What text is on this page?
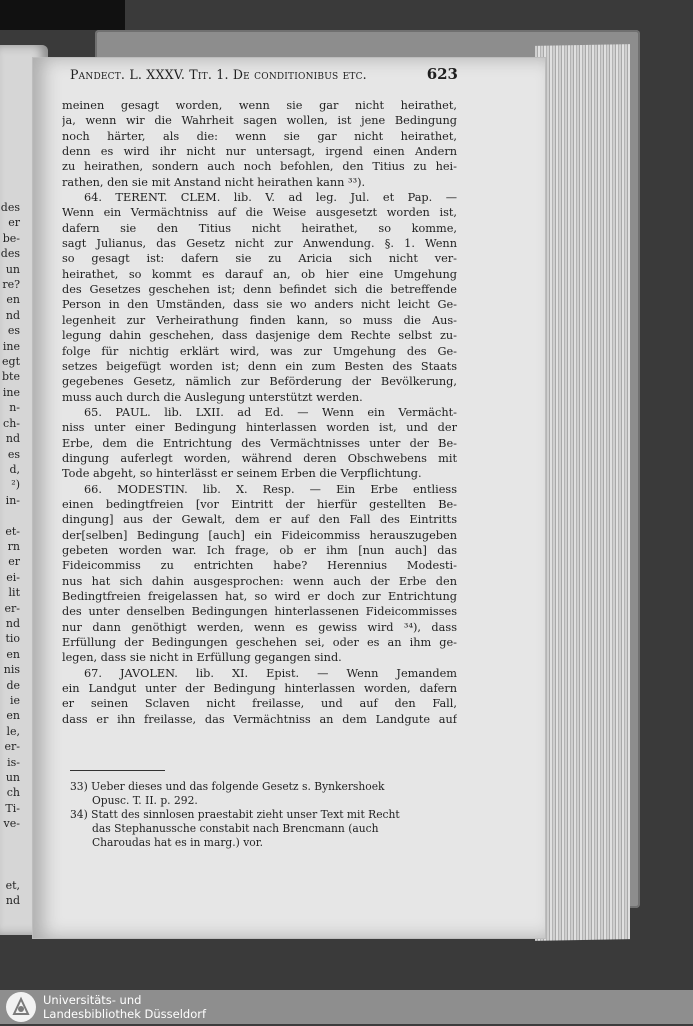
des
er
be-
des
un
re?
en
nd
es
ine
egt
bte
ine
n-
ch-
nd
es
d,
²)
in-

et-
rn
er
ei-
lit
er-
nd
tio
en
nis
de
ie
en
le,
er-
is-
un
ch
Ti-
ve-

et,
nd
Pandect. L. XXXV. Tit. 1. De conditionibus etc.	623
meinen gesagt worden, wenn sie gar nicht heirathet,
ja, wenn wir die Wahrheit sagen wollen, ist jene Bedingung
noch härter, als die: wenn sie gar nicht heirathet,
denn es wird ihr nicht nur untersagt, irgend einen Andern
zu heirathen, sondern auch noch befohlen, den Titius zu hei-
rathen, den sie mit Anstand nicht heirathen kann ³³).
64. TERENT. CLEM. lib. V. ad leg. Jul. et Pap. —
Wenn ein Vermächtniss auf die Weise ausgesetzt worden ist,
dafern sie den Titius nicht heirathet, so komme,
sagt Julianus, das Gesetz nicht zur Anwendung. §. 1. Wenn
so gesagt ist: dafern sie zu Aricia sich nicht ver-
heirathet, so kommt es darauf an, ob hier eine Umgehung
des Gesetzes geschehen ist; denn befindet sich die betreffende
Person in den Umständen, dass sie wo anders nicht leicht Ge-
legenheit zur Verheirathung finden kann, so muss die Aus-
legung dahin geschehen, dass dasjenige dem Rechte selbst zu-
folge für nichtig erklärt wird, was zur Umgehung des Ge-
setzes beigefügt worden ist; denn ein zum Besten des Staats
gegebenes Gesetz, nämlich zur Beförderung der Bevölkerung,
muss auch durch die Auslegung unterstützt werden.
65. PAUL. lib. LXII. ad Ed. — Wenn ein Vermächt-
niss unter einer Bedingung hinterlassen worden ist, und der
Erbe, dem die Entrichtung des Vermächtnisses unter der Be-
dingung auferlegt worden, während deren Obschwebens mit
Tode abgeht, so hinterlässt er seinem Erben die Verpflichtung.
66. MODESTIN. lib. X. Resp. — Ein Erbe entliess
einen bedingtfreien [vor Eintritt der hierfür gestellten Be-
dingung] aus der Gewalt, dem er auf den Fall des Eintritts
der[selben] Bedingung [auch] ein Fideicommiss herauszugeben
gebeten worden war. Ich frage, ob er ihm [nun auch] das
Fideicommiss zu entrichten habe? Herennius Modesti-
nus hat sich dahin ausgesprochen: wenn auch der Erbe den
Bedingtfreien freigelassen hat, so wird er doch zur Entrichtung
des unter denselben Bedingungen hinterlassenen Fideicommisses
nur dann genöthigt werden, wenn es gewiss wird ³⁴), dass
Erfüllung der Bedingungen geschehen sei, oder es an ihm ge-
legen, dass sie nicht in Erfüllung gegangen sind.
67. JAVOLEN. lib. XI. Epist. — Wenn Jemandem
ein Landgut unter der Bedingung hinterlassen worden, dafern
er seinen Sclaven nicht freilasse, und auf den Fall,
dass er ihn freilasse, das Vermächtniss an dem Landgute auf
33) Ueber dieses und das folgende Gesetz s. Bynkershoek
Opusc. T. II. p. 292.
34) Statt des sinnlosen praestabit zieht unser Text mit Recht
das Stephanussche constabit nach Brencmann (auch
Charoudas hat es in marg.) vor.
Universitäts- und
Landesbibliothek Düsseldorf
